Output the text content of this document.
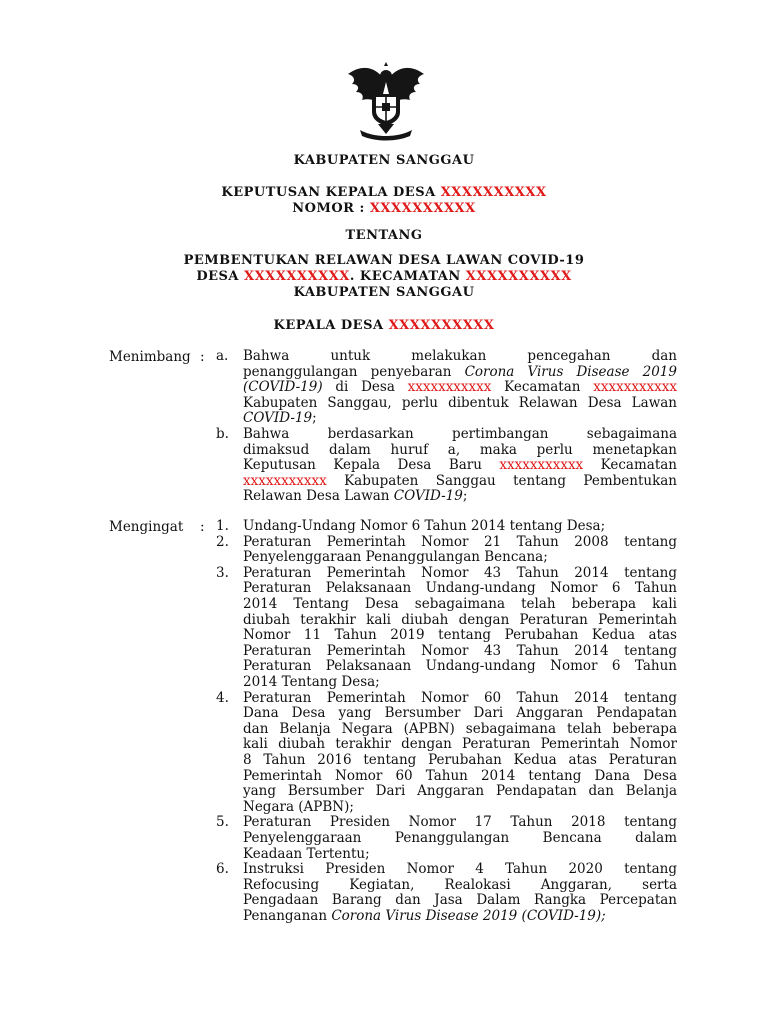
KABUPATEN SANGGAU
KEPUTUSAN KEPALA DESA XXXXXXXXXX
NOMOR : XXXXXXXXXX
TENTANG
PEMBENTUKAN RELAWAN DESA LAWAN COVID-19
DESA XXXXXXXXXX. KECAMATAN XXXXXXXXXX
KABUPATEN SANGGAU
KEPALA DESA XXXXXXXXXX
Menimbang : a.	Bahwa untuk melakukan pencegahan dan
penanggulangan penyebaran Corona Virus Disease 2019
(COVID-19) di Desa xxxxxxxxxxx Kecamatan xxxxxxxxxxx
Kabupaten Sanggau, perlu dibentuk Relawan Desa Lawan
COVID-19;
b.	Bahwa berdasarkan pertimbangan sebagaimana
dimaksud dalam huruf a, maka perlu menetapkan
Keputusan Kepala Desa Baru xxxxxxxxxxx Kecamatan
xxxxxxxxxxx Kabupaten Sanggau tentang Pembentukan
Relawan Desa Lawan COVID-19;
Mengingat : 1.	Undang-Undang Nomor 6 Tahun 2014 tentang Desa;
2.	Peraturan Pemerintah Nomor 21 Tahun 2008 tentang
Penyelenggaraan Penanggulangan Bencana;
3.	Peraturan Pemerintah Nomor 43 Tahun 2014 tentang
Peraturan Pelaksanaan Undang-undang Nomor 6 Tahun
2014 Tentang Desa sebagaimana telah beberapa kali
diubah terakhir kali diubah dengan Peraturan Pemerintah
Nomor 11 Tahun 2019 tentang Perubahan Kedua atas
Peraturan Pemerintah Nomor 43 Tahun 2014 tentang
Peraturan Pelaksanaan Undang-undang Nomor 6 Tahun
2014 Tentang Desa;
4.	Peraturan Pemerintah Nomor 60 Tahun 2014 tentang
Dana Desa yang Bersumber Dari Anggaran Pendapatan
dan Belanja Negara (APBN) sebagaimana telah beberapa
kali diubah terakhir dengan Peraturan Pemerintah Nomor
8 Tahun 2016 tentang Perubahan Kedua atas Peraturan
Pemerintah Nomor 60 Tahun 2014 tentang Dana Desa
yang Bersumber Dari Anggaran Pendapatan dan Belanja
Negara (APBN);
5.	Peraturan Presiden Nomor 17 Tahun 2018 tentang
Penyelenggaraan Penanggulangan Bencana dalam
Keadaan Tertentu;
6.	Instruksi Presiden Nomor 4 Tahun 2020 tentang
Refocusing Kegiatan, Realokasi Anggaran, serta
Pengadaan Barang dan Jasa Dalam Rangka Percepatan
Penanganan Corona Virus Disease 2019 (COVID-19);
